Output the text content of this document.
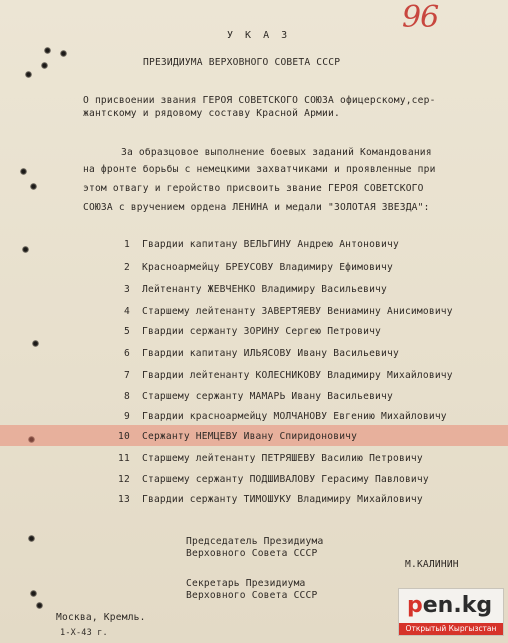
96
У К А З
ПРЕЗИДИУМА ВЕРХОВНОГО СОВЕТА СССР
О присвоении звания ГЕРОЯ СОВЕТСКОГО СОЮЗА офицерскому,сер-
жантскому и рядовому составу Красной Армии.
За образцовое выполнение боевых заданий Командования
на фронте борьбы с немецкими захватчиками и проявленные при
этом отвагу и геройство присвоить звание ГЕРОЯ СОВЕТСКОГО
СОЮЗА с вручением ордена ЛЕНИНА и медали "ЗОЛОТАЯ ЗВЕЗДА":
1 Гвардии капитану ВЕЛЬГИНУ Андрею Антоновичу
2 Красноармейцу БРЕУСОВУ Владимиру Ефимовичу
3 Лейтенанту ЖЕВЧЕНКО Владимиру Васильевичу
4 Старшему лейтенанту ЗАВЕРТЯЕВУ Вениамину Анисимовичу
5 Гвардии сержанту ЗОРИНУ Сергею Петровичу
6 Гвардии капитану ИЛЬЯСОВУ Ивану Васильевичу
7 Гвардии лейтенанту КОЛЕСНИКОВУ Владимиру Михайловичу
8 Старшему сержанту МАМАРЬ Ивану Васильевичу
9 Гвардии красноармейцу МОЛЧАНОВУ Евгению Михайловичу
10 Сержанту НЕМЦЕВУ Ивану Спиридоновичу
11 Старшему лейтенанту ПЕТРЯШЕВУ Василию Петровичу
12 Старшему сержанту ПОДШИВАЛОВУ Герасиму Павловичу
13 Гвардии сержанту ТИМОШУКУ Владимиру Михайловичу
Председатель Президиума
Верховного Совета СССР
М.КАЛИНИН
Секретарь Президиума
Верховного Совета СССР
Москва, Кремль.
1-Х-43 г.
pen.kg
Открытый Кыргызстан
